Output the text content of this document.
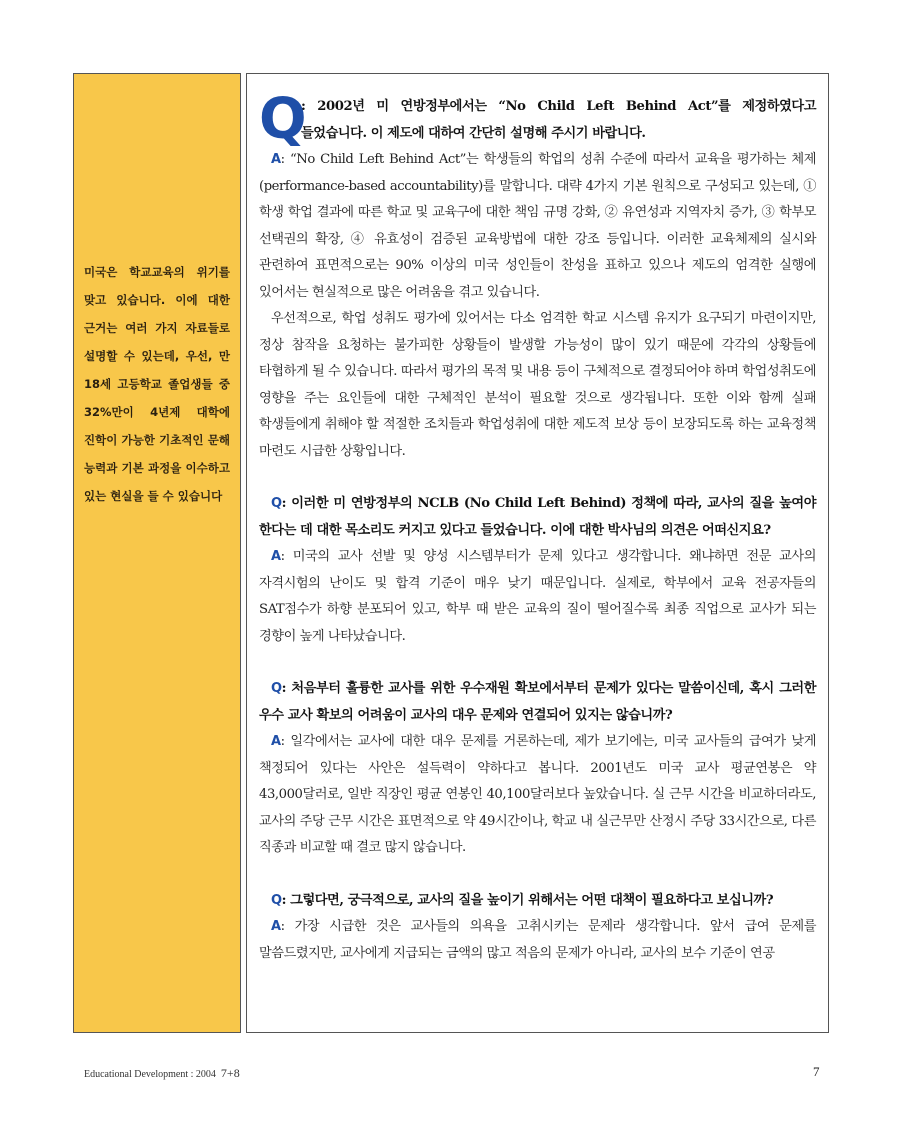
미국은 학교교육의 위기를 맞고 있습니다. 이에 대한 근거는 여러 가지 자료들로 설명할 수 있는데, 우선, 만 18세 고등학교 졸업생들 중 32%만이 4년제 대학에 진학이 가능한 기초적인 문해 능력과 기본 과정을 이수하고 있는 현실을 들 수 있습니다
Q
: 2002년 미 연방정부에서는 “No Child Left Behind Act”를 제정하였다고 들었습니다. 이 제도에 대하여 간단히 설명해 주시기 바랍니다.
A: “No Child Left Behind Act”는 학생들의 학업의 성취 수준에 따라서 교육을 평가하는 체제(performance-based accountability)를 말합니다. 대략 4가지 기본 원칙으로 구성되고 있는데, ① 학생 학업 결과에 따른 학교 및 교육구에 대한 책임 규명 강화, ② 유연성과 지역자치 증가, ③ 학부모 선택권의 확장, ④ 유효성이 검증된 교육방법에 대한 강조 등입니다. 이러한 교육체제의 실시와 관련하여 표면적으로는 90% 이상의 미국 성인들이 찬성을 표하고 있으나 제도의 엄격한 실행에 있어서는 현실적으로 많은 어려움을 겪고 있습니다.
우선적으로, 학업 성취도 평가에 있어서는 다소 엄격한 학교 시스템 유지가 요구되기 마련이지만, 정상 참작을 요청하는 불가피한 상황들이 발생할 가능성이 많이 있기 때문에 각각의 상황들에 타협하게 될 수 있습니다. 따라서 평가의 목적 및 내용 등이 구체적으로 결정되어야 하며 학업성취도에 영향을 주는 요인들에 대한 구체적인 분석이 필요할 것으로 생각됩니다. 또한 이와 함께 실패 학생들에게 취해야 할 적절한 조치들과 학업성취에 대한 제도적 보상 등이 보장되도록 하는 교육정책 마련도 시급한 상황입니다.
Q: 이러한 미 연방정부의 NCLB (No Child Left Behind) 정책에 따라, 교사의 질을 높여야 한다는 데 대한 목소리도 커지고 있다고 들었습니다. 이에 대한 박사님의 의견은 어떠신지요?
A: 미국의 교사 선발 및 양성 시스템부터가 문제 있다고 생각합니다. 왜냐하면 전문 교사의 자격시험의 난이도 및 합격 기준이 매우 낮기 때문입니다. 실제로, 학부에서 교육 전공자들의 SAT점수가 하향 분포되어 있고, 학부 때 받은 교육의 질이 떨어질수록 최종 직업으로 교사가 되는 경향이 높게 나타났습니다.
Q: 처음부터 훌륭한 교사를 위한 우수재원 확보에서부터 문제가 있다는 말씀이신데, 혹시 그러한 우수 교사 확보의 어려움이 교사의 대우 문제와 연결되어 있지는 않습니까?
A: 일각에서는 교사에 대한 대우 문제를 거론하는데, 제가 보기에는, 미국 교사들의 급여가 낮게 책정되어 있다는 사안은 설득력이 약하다고 봅니다. 2001년도 미국 교사 평균연봉은 약 43,000달러로, 일반 직장인 평균 연봉인 40,100달러보다 높았습니다. 실 근무 시간을 비교하더라도, 교사의 주당 근무 시간은 표면적으로 약 49시간이나, 학교 내 실근무만 산정시 주당 33시간으로, 다른 직종과 비교할 때 결코 많지 않습니다.
Q: 그렇다면, 궁극적으로, 교사의 질을 높이기 위해서는 어떤 대책이 필요하다고 보십니까?
A: 가장 시급한 것은 교사들의 의욕을 고취시키는 문제라 생각합니다. 앞서 급여 문제를 말씀드렸지만, 교사에게 지급되는 금액의 많고 적음의 문제가 아니라, 교사의 보수 기준이 연공
Educational Development : 2004 7+8	7
